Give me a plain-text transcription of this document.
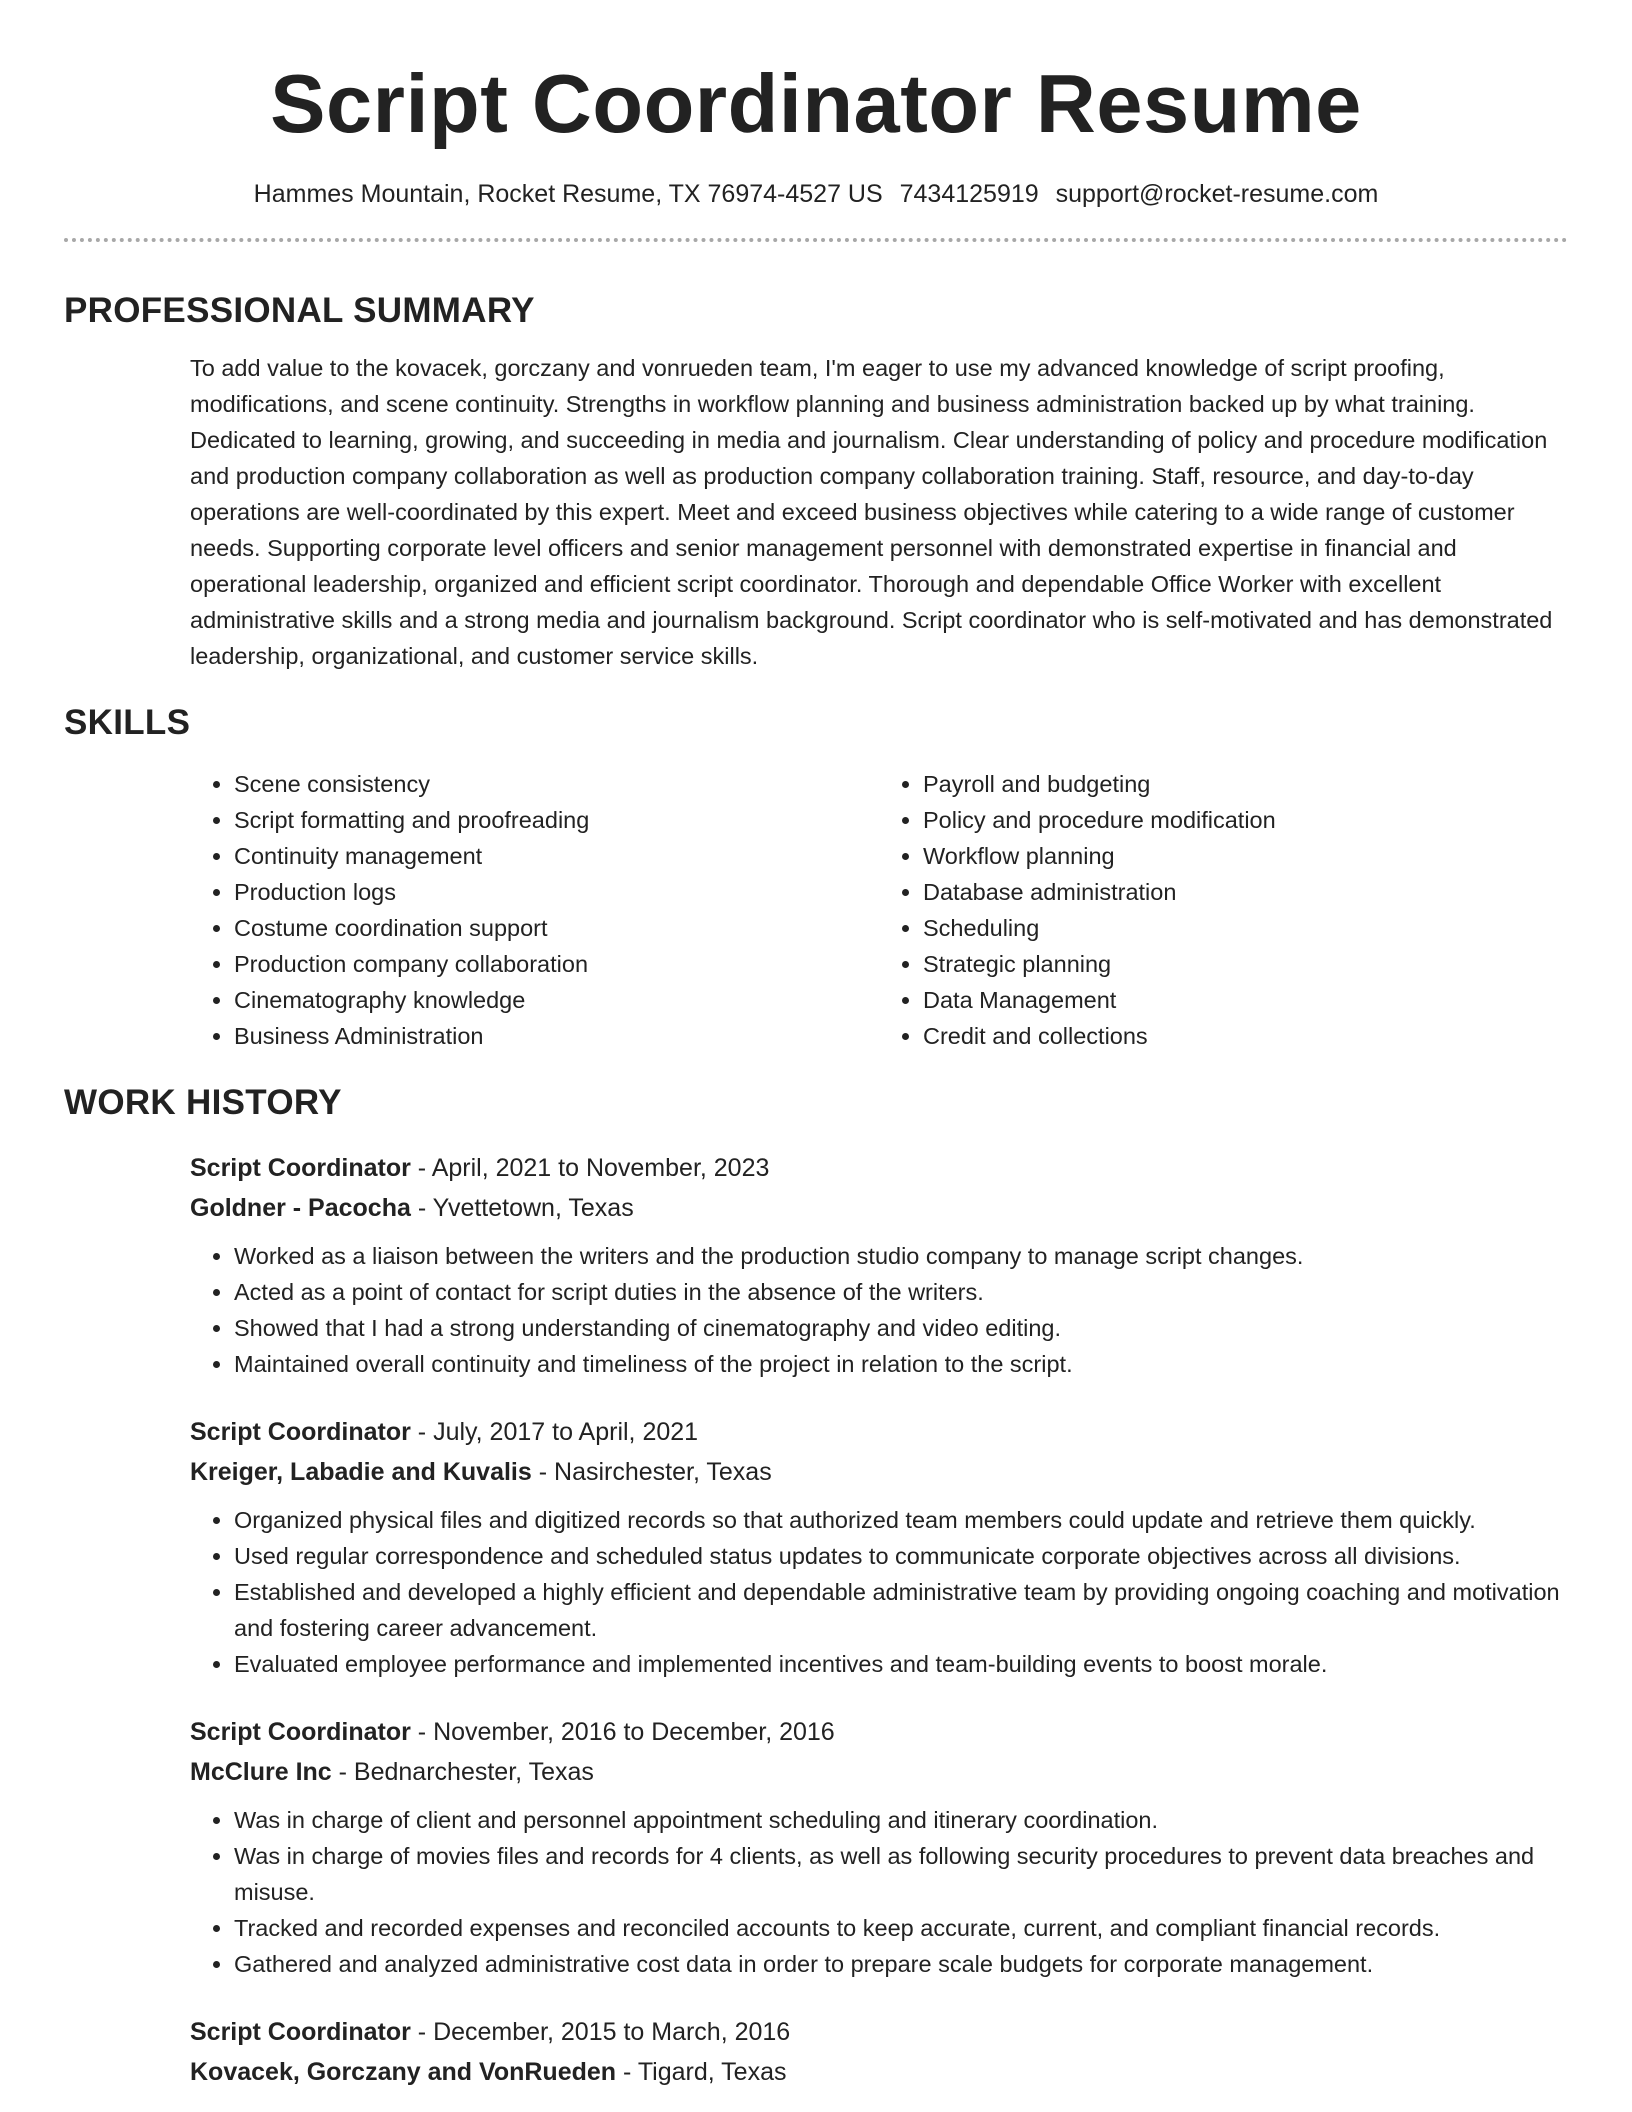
Script Coordinator Resume
Hammes Mountain, Rocket Resume, TX 76974-4527 US 7434125919 support@rocket-resume.com
PROFESSIONAL SUMMARY

To add value to the kovacek, gorczany and vonrueden team, I'm eager to use my advanced knowledge of script proofing, modifications, and scene continuity. Strengths in workflow planning and business administration backed up by what training. Dedicated to learning, growing, and succeeding in media and journalism. Clear understanding of policy and procedure modification and production company collaboration as well as production company collaboration training. Staff, resource, and day-to-day operations are well-coordinated by this expert. Meet and exceed business objectives while catering to a wide range of customer needs. Supporting corporate level officers and senior management personnel with demonstrated expertise in financial and operational leadership, organized and efficient script coordinator. Thorough and dependable Office Worker with excellent administrative skills and a strong media and journalism background. Script coordinator who is self-motivated and has demonstrated leadership, organizational, and customer service skills.

SKILLS
• Scene consistency
• Script formatting and proofreading
• Continuity management
• Production logs
• Costume coordination support
• Production company collaboration
• Cinematography knowledge
• Business Administration
• Payroll and budgeting
• Policy and procedure modification
• Workflow planning
• Database administration
• Scheduling
• Strategic planning
• Data Management
• Credit and collections
WORK HISTORY
Script Coordinator - April, 2021 to November, 2023
Goldner - Pacocha - Yvettetown, Texas
• Worked as a liaison between the writers and the production studio company to manage script changes.
• Acted as a point of contact for script duties in the absence of the writers.
• Showed that I had a strong understanding of cinematography and video editing.
• Maintained overall continuity and timeliness of the project in relation to the script.
Script Coordinator - July, 2017 to April, 2021
Kreiger, Labadie and Kuvalis - Nasirchester, Texas
• Organized physical files and digitized records so that authorized team members could update and retrieve them quickly.
• Used regular correspondence and scheduled status updates to communicate corporate objectives across all divisions.
• Established and developed a highly efficient and dependable administrative team by providing ongoing coaching and motivation and fostering career advancement.
• Evaluated employee performance and implemented incentives and team-building events to boost morale.
Script Coordinator - November, 2016 to December, 2016
McClure Inc - Bednarchester, Texas
• Was in charge of client and personnel appointment scheduling and itinerary coordination.
• Was in charge of movies files and records for 4 clients, as well as following security procedures to prevent data breaches and misuse.
• Tracked and recorded expenses and reconciled accounts to keep accurate, current, and compliant financial records.
• Gathered and analyzed administrative cost data in order to prepare scale budgets for corporate management.
Script Coordinator - December, 2015 to March, 2016
Kovacek, Gorczany and VonRueden - Tigard, Texas
